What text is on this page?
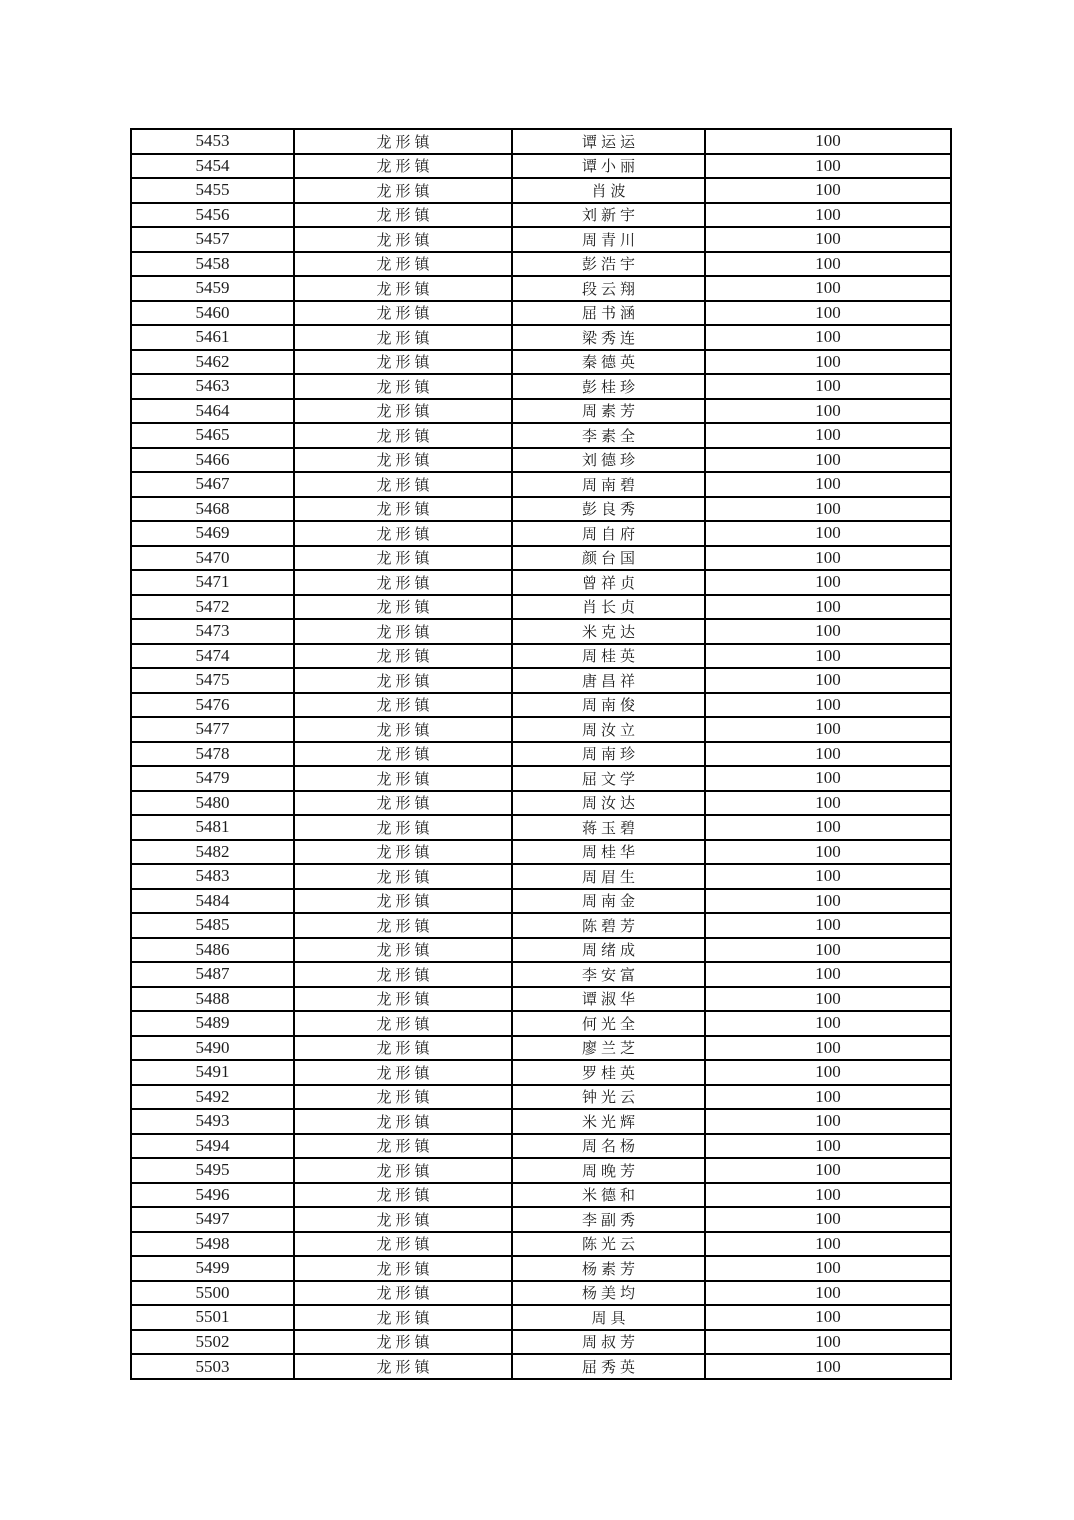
5453	龙形镇	谭运运	100
5454	龙形镇	谭小丽	100
5455	龙形镇	肖波	100
5456	龙形镇	刘新宇	100
5457	龙形镇	周青川	100
5458	龙形镇	彭浩宇	100
5459	龙形镇	段云翔	100
5460	龙形镇	屈书涵	100
5461	龙形镇	梁秀连	100
5462	龙形镇	秦德英	100
5463	龙形镇	彭桂珍	100
5464	龙形镇	周素芳	100
5465	龙形镇	李素全	100
5466	龙形镇	刘德珍	100
5467	龙形镇	周南碧	100
5468	龙形镇	彭良秀	100
5469	龙形镇	周自府	100
5470	龙形镇	颜台国	100
5471	龙形镇	曾祥贞	100
5472	龙形镇	肖长贞	100
5473	龙形镇	米克达	100
5474	龙形镇	周桂英	100
5475	龙形镇	唐昌祥	100
5476	龙形镇	周南俊	100
5477	龙形镇	周汝立	100
5478	龙形镇	周南珍	100
5479	龙形镇	屈文学	100
5480	龙形镇	周汝达	100
5481	龙形镇	蒋玉碧	100
5482	龙形镇	周桂华	100
5483	龙形镇	周眉生	100
5484	龙形镇	周南金	100
5485	龙形镇	陈碧芳	100
5486	龙形镇	周绪成	100
5487	龙形镇	李安富	100
5488	龙形镇	谭淑华	100
5489	龙形镇	何光全	100
5490	龙形镇	廖兰芝	100
5491	龙形镇	罗桂英	100
5492	龙形镇	钟光云	100
5493	龙形镇	米光辉	100
5494	龙形镇	周名杨	100
5495	龙形镇	周晚芳	100
5496	龙形镇	米德和	100
5497	龙形镇	李副秀	100
5498	龙形镇	陈光云	100
5499	龙形镇	杨素芳	100
5500	龙形镇	杨美均	100
5501	龙形镇	周具	100
5502	龙形镇	周叔芳	100
5503	龙形镇	屈秀英	100
